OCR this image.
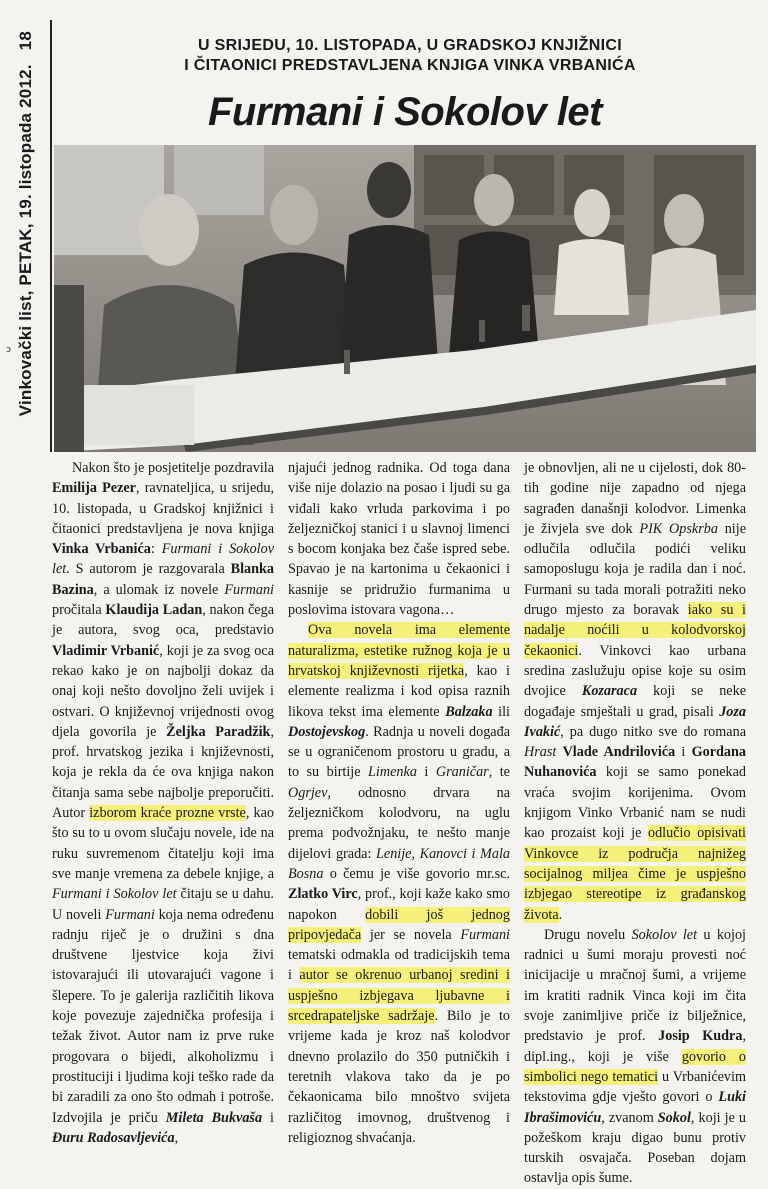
Vinkovački list, PETAK, 19. listopada 2012.18
ɔ
U SRIJEDU, 10. LISTOPADA, U GRADSKOJ KNJIŽNICI
I ČITAONICI PREDSTAVLJENA KNJIGA VINKA VRBANIĆA
Furmani i Sokolov let

Nakon što je posjetitelje pozdravila Emilija Pezer, ravnateljica, u srijedu, 10. listopada, u Gradskoj knjižnici i čitaonici predstavljena je nova knjiga Vinka Vrbanića: Furmani i Sokolov let. S autorom je razgovarala Blanka Bazina, a ulomak iz novele Furmani pročitala Klaudija Ladan, nakon čega je autora, svog oca, predstavio Vladimir Vrbanić, koji je za svog oca rekao kako je on najbolji dokaz da onaj koji nešto dovoljno želi uvijek i ostvari. O književnoj vrijednosti ovog djela govorila je Željka Paradžik, prof. hrvatskog jezika i književnosti, koja je rekla da će ova knjiga nakon čitanja sama sebe najbolje preporučiti. Autor izborom kraće prozne vrste, kao što su to u ovom slučaju novele, ide na ruku suvremenom čitatelju koji ima sve manje vremena za debele knjige, a Furmani i Sokolov let čitaju se u dahu. U noveli Furmani koja nema određenu radnju riječ je o družini s dna društvene ljestvice koja živi istovarajući ili utovarajući vagone i šlepere. To je galerija različitih likova koje povezuje zajednička profesija i težak život. Autor nam iz prve ruke progovara o bijedi, alkoholizmu i prostituciji i ljudima koji teško rade da bi zaradili za ono što odmah i potroše. Izdvojila je priču Mileta Bukvaša i Đuru Radosavljevića,

njajući jednog radnika. Od toga dana više nije dolazio na posao i ljudi su ga viđali kako vrluda parkovima i po željezničkoj stanici i u slavnoj limenci s bocom konjaka bez čaše ispred sebe. Spavao je na kartonima u čekaonici i kasnije se pridružio furmanima u poslovima istovara vagona…

Ova novela ima elemente naturalizma, estetike ružnog koja je u hrvatskoj književnosti rijetka, kao i elemente realizma i kod opisa raznih likova tekst ima elemente Balzaka ili Dostojevskog. Radnja u noveli događa se u ograničenom prostoru u gradu, a to su birtije Limenka i Graničar, te Ogrjev, odnosno drvara na željezničkom kolodvoru, na uglu prema podvožnjaku, te nešto manje dijelovi grada: Lenije, Kanovci i Mala Bosna o čemu je više govorio mr.sc. Zlatko Virc, prof., koji kaže kako smo napokon dobili još jednog pripovjedača jer se novela Furmani tematski odmakla od tradicijskih tema i autor se okrenuo urbanoj sredini i uspješno izbjegava ljubavne i srcedrapateljske sadržaje. Bilo je to vrijeme kada je kroz naš kolodvor dnevno prolazilo do 350 putničkih i teretnih vlakova tako da je po čekaonicama bilo mnoštvo svijeta različitog imovnog, društvenog i religioznog shvaćanja.

je obnovljen, ali ne u cijelosti, dok 80-tih godine nije zapadno od njega sagrađen današnji kolodvor. Limenka je živjela sve dok PIK Opskrba nije odlučila odlučila podići veliku samoposlugu koja je radila dan i noć. Furmani su tada morali potražiti neko drugo mjesto za boravak iako su i nadalje noćili u kolodvorskoj čekaonici. Vinkovci kao urbana sredina zaslužuju opise koje su osim dvojice Kozaraca koji se neke događaje smještali u grad, pisali Joza Ivakić, pa dugo nitko sve do romana Hrast Vlade Andrilovića i Gordana Nuhanovića koji se samo ponekad vraća svojim korijenima. Ovom knjigom Vinko Vrbanić nam se nudi kao prozaist koji je odlučio opisivati Vinkovce iz područja najnižeg socijalnog miljea čime je uspješno izbjegao stereotipe iz građanskog života.

Drugu novelu Sokolov let u kojoj radnici u šumi moraju provesti noć inicijacije u mračnoj šumi, a vrijeme im kratiti radnik Vinca koji im čita svoje zanimljive priče iz bilježnice, predstavio je prof. Josip Kudra, dipl.ing., koji je više govorio o simbolici nego tematici u Vrbanićevim tekstovima gdje vješto govori o Luki Ibrašimoviću, zvanom Sokol, koji je u požeškom kraju digao bunu protiv turskih osvajača. Poseban dojam ostavlja opis šume.
